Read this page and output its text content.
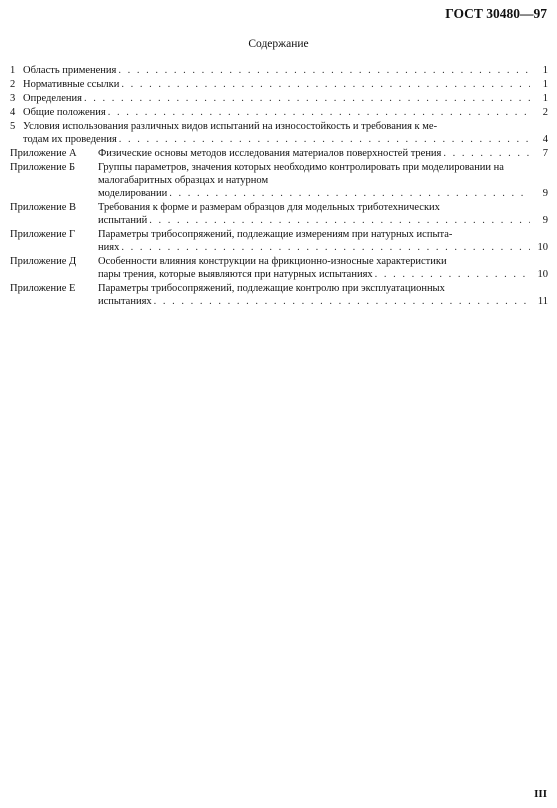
ГОСТ 30480—97
Содержание
1 Область применения . . .	1
2 Нормативные ссылки . . .	1
3 Определения . . .	1
4 Общие положения . . .	2
5 Условия использования различных видов испытаний на износостойкость и требования к ме-
тодам их проведения . . .	4
Приложение А	Физические основы методов исследования материалов поверхностей трения . . .	7
Приложение Б	Группы параметров, значения которых необходимо контролировать при моделировании на малогабаритных образцах и натурном
моделировании . . .	9
Приложение В	Требования к форме и размерам образцов для модельных триботехнических
испытаний . . .	9
Приложение Г	Параметры трибосопряжений, подлежащие измерениям при натурных испыта-
ниях . . .	10
Приложение Д	Особенности влияния конструкции на фрикционно-износные характеристики
пары трения, которые выявляются при натурных испытаниях . . .	10
Приложение Е	Параметры трибосопряжений, подлежащие контролю при эксплуатационных
испытаниях . . .	11
III
